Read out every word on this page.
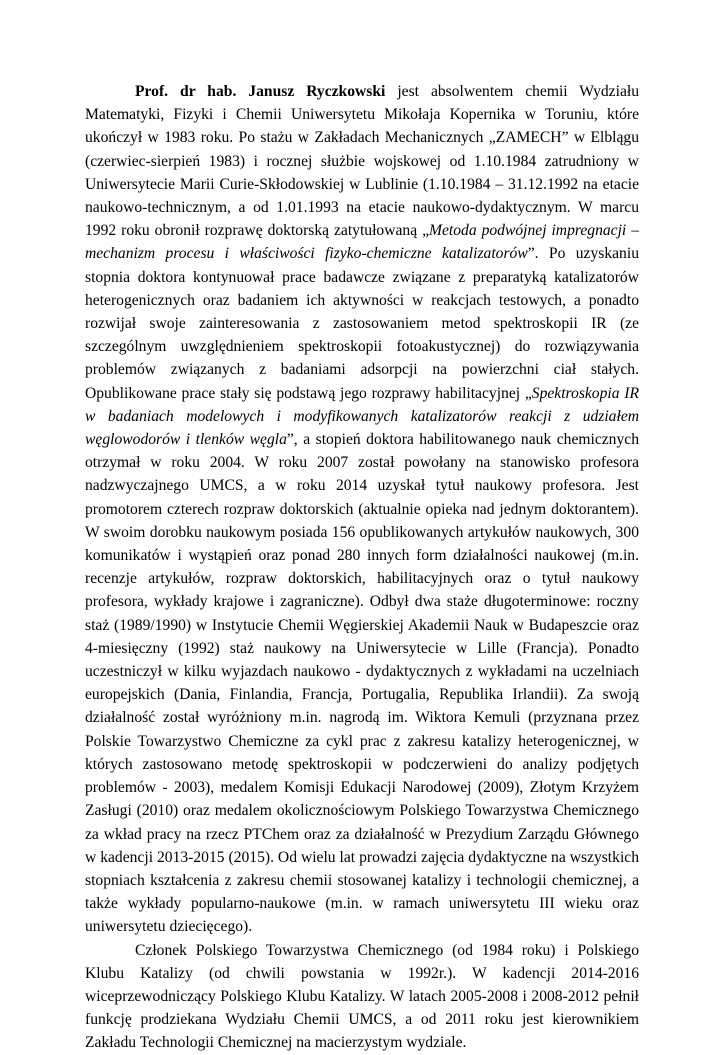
Prof. dr hab. Janusz Ryczkowski jest absolwentem chemii Wydziału Matematyki, Fizyki i Chemii Uniwersytetu Mikołaja Kopernika w Toruniu, które ukończył w 1983 roku. Po stażu w Zakładach Mechanicznych „ZAMECH” w Elblągu (czerwiec-sierpień 1983) i rocznej służbie wojskowej od 1.10.1984 zatrudniony w Uniwersytecie Marii Curie-Skłodowskiej w Lublinie (1.10.1984 – 31.12.1992 na etacie naukowo-technicznym, a od 1.01.1993 na etacie naukowo-dydaktycznym. W marcu 1992 roku obronił rozprawę doktorską zatytułowaną „Metoda podwójnej impregnacji – mechanizm procesu i właściwości fizyko-chemiczne katalizatorów”. Po uzyskaniu stopnia doktora kontynuował prace badawcze związane z preparatyką katalizatorów heterogenicznych oraz badaniem ich aktywności w reakcjach testowych, a ponadto rozwijał swoje zainteresowania z zastosowaniem metod spektroskopii IR (ze szczególnym uwzględnieniem spektroskopii fotoakustycznej) do rozwiązywania problemów związanych z badaniami adsorpcji na powierzchni ciał stałych. Opublikowane prace stały się podstawą jego rozprawy habilitacyjnej „Spektroskopia IR w badaniach modelowych i modyfikowanych katalizatorów reakcji z udziałem węglowodorów i tlenków węgla”, a stopień doktora habilitowanego nauk chemicznych otrzymał w roku 2004. W roku 2007 został powołany na stanowisko profesora nadzwyczajnego UMCS, a w roku 2014 uzyskał tytuł naukowy profesora. Jest promotorem czterech rozpraw doktorskich (aktualnie opieka nad jednym doktorantem). W swoim dorobku naukowym posiada 156 opublikowanych artykułów naukowych, 300 komunikatów i wystąpień oraz ponad 280 innych form działalności naukowej (m.in. recenzje artykułów, rozpraw doktorskich, habilitacyjnych oraz o tytuł naukowy profesora, wykłady krajowe i zagraniczne). Odbył dwa staże długoterminowe: roczny staż (1989/1990) w Instytucie Chemii Węgierskiej Akademii Nauk w Budapeszcie oraz 4-miesięczny (1992) staż naukowy na Uniwersytecie w Lille (Francja). Ponadto uczestniczył w kilku wyjazdach naukowo - dydaktycznych z wykładami na uczelniach europejskich (Dania, Finlandia, Francja, Portugalia, Republika Irlandii). Za swoją działalność został wyróżniony m.in. nagrodą im. Wiktora Kemuli (przyznana przez Polskie Towarzystwo Chemiczne za cykl prac z zakresu katalizy heterogenicznej, w których zastosowano metodę spektroskopii w podczerwieni do analizy podjętych problemów - 2003), medalem Komisji Edukacji Narodowej (2009), Złotym Krzyżem Zasługi (2010) oraz medalem okolicznościowym Polskiego Towarzystwa Chemicznego za wkład pracy na rzecz PTChem oraz za działalność w Prezydium Zarządu Głównego w kadencji 2013-2015 (2015). Od wielu lat prowadzi zajęcia dydaktyczne na wszystkich stopniach kształcenia z zakresu chemii stosowanej katalizy i technologii chemicznej, a także wykłady popularno-naukowe (m.in. w ramach uniwersytetu III wieku oraz uniwersytetu dziecięcego).

Członek Polskiego Towarzystwa Chemicznego (od 1984 roku) i Polskiego Klubu Katalizy (od chwili powstania w 1992r.). W kadencji 2014-2016 wiceprzewodniczący Polskiego Klubu Katalizy. W latach 2005-2008 i 2008-2012 pełnił funkcję prodziekana Wydziału Chemii UMCS, a od 2011 roku jest kierownikiem Zakładu Technologii Chemicznej na macierzystym wydziale.
